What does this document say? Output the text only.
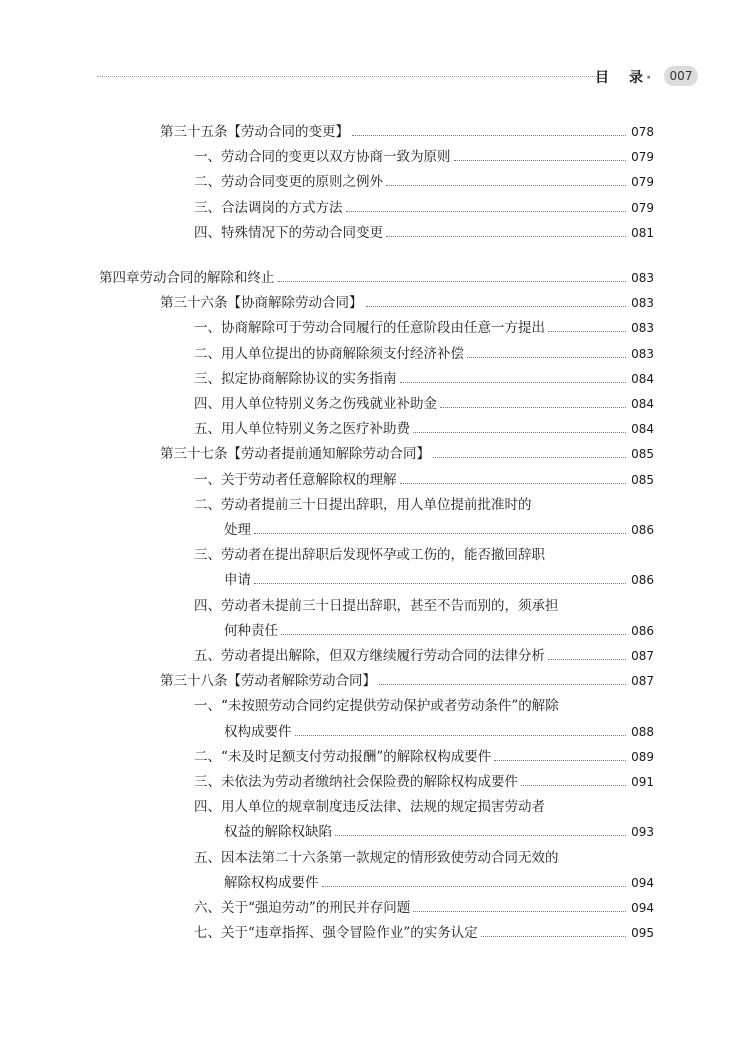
目 录 ·	007
第三十五条【劳动合同的变更】	078
一、劳动合同的变更以双方协商一致为原则	079
二、劳动合同变更的原则之例外	079
三、合法调岗的方式方法	079
四、特殊情况下的劳动合同变更	081
第四章劳动合同的解除和终止	083
第三十六条【协商解除劳动合同】	083
一、协商解除可于劳动合同履行的任意阶段由任意一方提出	083
二、用人单位提出的协商解除须支付经济补偿	083
三、拟定协商解除协议的实务指南	084
四、用人单位特别义务之伤残就业补助金	084
五、用人单位特别义务之医疗补助费	084
第三十七条【劳动者提前通知解除劳动合同】	085
一、关于劳动者任意解除权的理解	085
二、劳动者提前三十日提出辞职，用人单位提前批准时的
处理	086
三、劳动者在提出辞职后发现怀孕或工伤的，能否撤回辞职
申请	086
四、劳动者未提前三十日提出辞职，甚至不告而别的，须承担
何种责任	086
五、劳动者提出解除，但双方继续履行劳动合同的法律分析	087
第三十八条【劳动者解除劳动合同】	087
一、“未按照劳动合同约定提供劳动保护或者劳动条件”的解除
权构成要件	088
二、“未及时足额支付劳动报酬”的解除权构成要件	089
三、未依法为劳动者缴纳社会保险费的解除权构成要件	091
四、用人单位的规章制度违反法律、法规的规定损害劳动者
权益的解除权缺陷	093
五、因本法第二十六条第一款规定的情形致使劳动合同无效的
解除权构成要件	094
六、关于“强迫劳动”的刑民并存问题	094
七、关于“违章指挥、强令冒险作业”的实务认定	095
